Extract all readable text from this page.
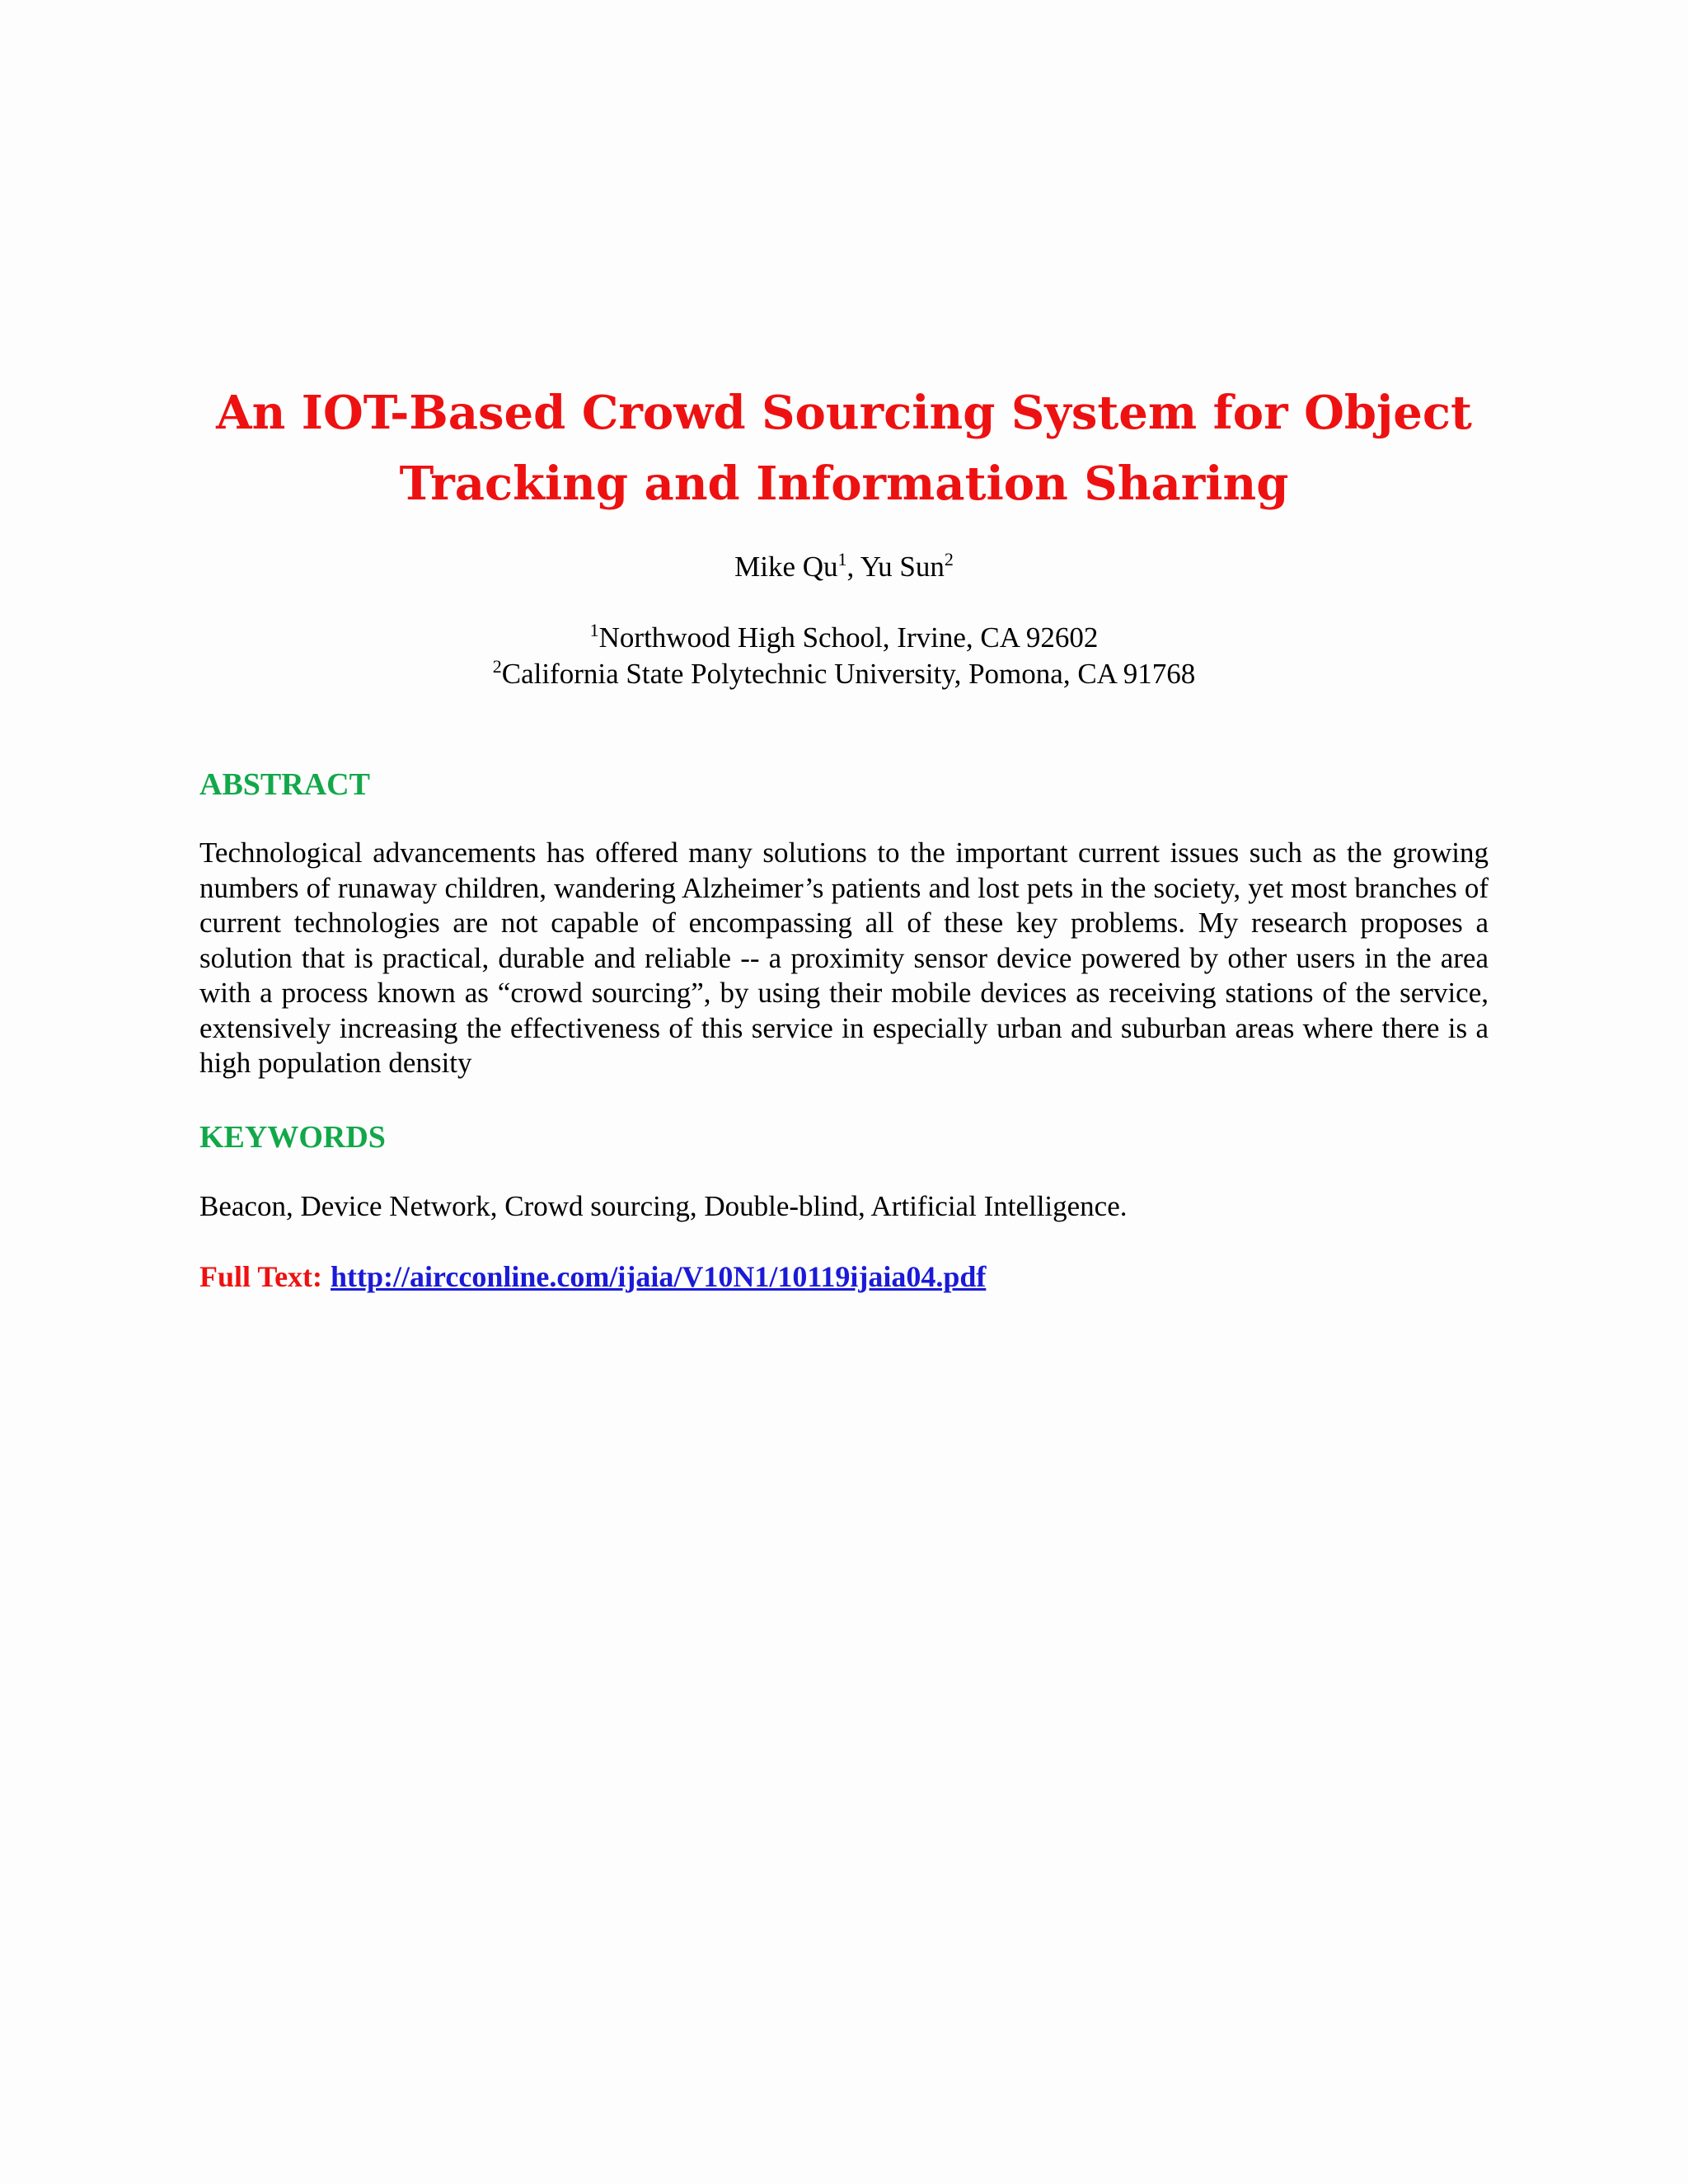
An IOT-Based Crowd Sourcing System for Object
Tracking and Information Sharing
Mike Qu$^1$, Yu Sun$^2$
$^1$Northwood High School, Irvine, CA 92602
$^2$California State Polytechnic University, Pomona, CA 91768
ABSTRACT

Technological advancements has offered many solutions to the important current issues such as the growing numbers of runaway children, wandering Alzheimer’s patients and lost pets in the society, yet most branches of current technologies are not capable of encompassing all of these key problems. My research proposes a solution that is practical, durable and reliable -- a proximity sensor device powered by other users in the area with a process known as “crowd sourcing”, by using their mobile devices as receiving stations of the service, extensively increasing the effectiveness of this service in especially urban and suburban areas where there is a high population density

KEYWORDS

Beacon, Device Network, Crowd sourcing, Double-blind, Artificial Intelligence.

Full Text: http://aircconline.com/ijaia/V10N1/10119ijaia04.pdf
